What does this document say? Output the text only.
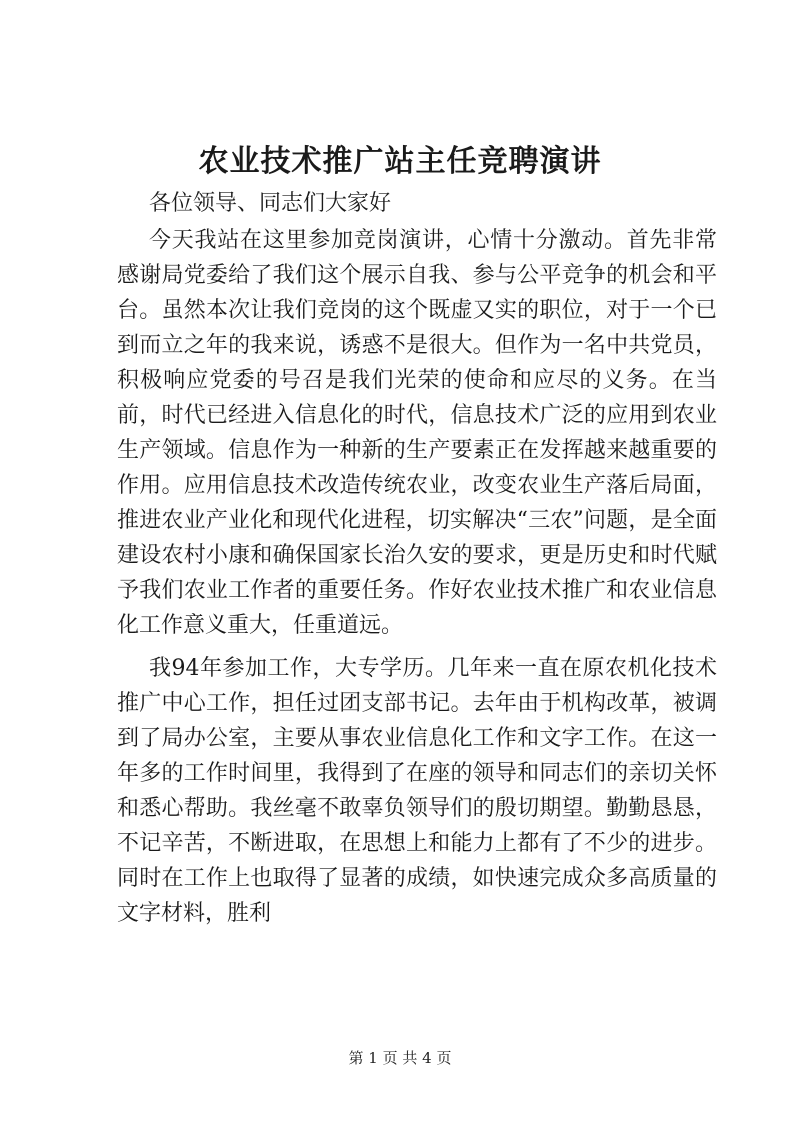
农业技术推广站主任竞聘演讲

各位领导、同志们大家好

今天我站在这里参加竞岗演讲，心情十分激动。首先非常感谢局党委给了我们这个展示自我、参与公平竞争的机会和平台。虽然本次让我们竞岗的这个既虚又实的职位，对于一个已到而立之年的我来说，诱惑不是很大。但作为一名中共党员，积极响应党委的号召是我们光荣的使命和应尽的义务。在当前，时代已经进入信息化的时代，信息技术广泛的应用到农业生产领域。信息作为一种新的生产要素正在发挥越来越重要的作用。应用信息技术改造传统农业，改变农业生产落后局面，推进农业产业化和现代化进程，切实解决“三农”问题，是全面建设农村小康和确保国家长治久安的要求，更是历史和时代赋予我们农业工作者的重要任务。作好农业技术推广和农业信息化工作意义重大，任重道远。

我94年参加工作，大专学历。几年来一直在原农机化技术推广中心工作，担任过团支部书记。去年由于机构改革，被调到了局办公室，主要从事农业信息化工作和文字工作。在这一年多的工作时间里，我得到了在座的领导和同志们的亲切关怀和悉心帮助。我丝毫不敢辜负领导们的殷切期望。勤勤恳恳，不记辛苦，不断进取，在思想上和能力上都有了不少的进步。同时在工作上也取得了显著的成绩，如快速完成众多高质量的文字材料，胜利

第 1 页 共 4 页
